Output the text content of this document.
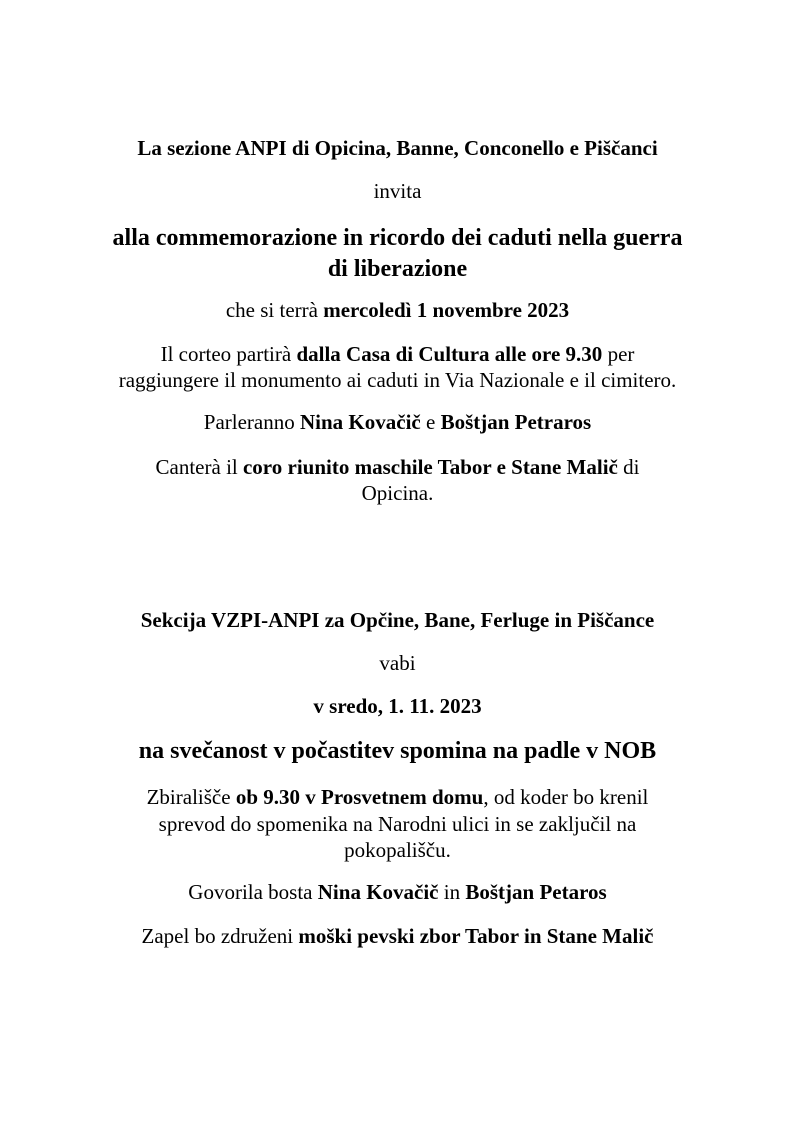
La sezione ANPI di Opicina, Banne, Conconello e Piščanci
invita
alla commemorazione in ricordo dei caduti nella guerra
di liberazione
che si terrà mercoledì 1 novembre 2023
Il corteo partirà dalla Casa di Cultura alle ore 9.30 per
raggiungere il monumento ai caduti in Via Nazionale e il cimitero.
Parleranno Nina Kovačič e Boštjan Petraros
Canterà il coro riunito maschile Tabor e Stane Malič di
Opicina.
Sekcija VZPI-ANPI za Opčine, Bane, Ferluge in Piščance
vabi
v sredo, 1. 11. 2023
na svečanost v počastitev spomina na padle v NOB
Zbirališče ob 9.30 v Prosvetnem domu, od koder bo krenil
sprevod do spomenika na Narodni ulici in se zaključil na
pokopališču.
Govorila bosta Nina Kovačič in Boštjan Petaros
Zapel bo združeni moški pevski zbor Tabor in Stane Malič
